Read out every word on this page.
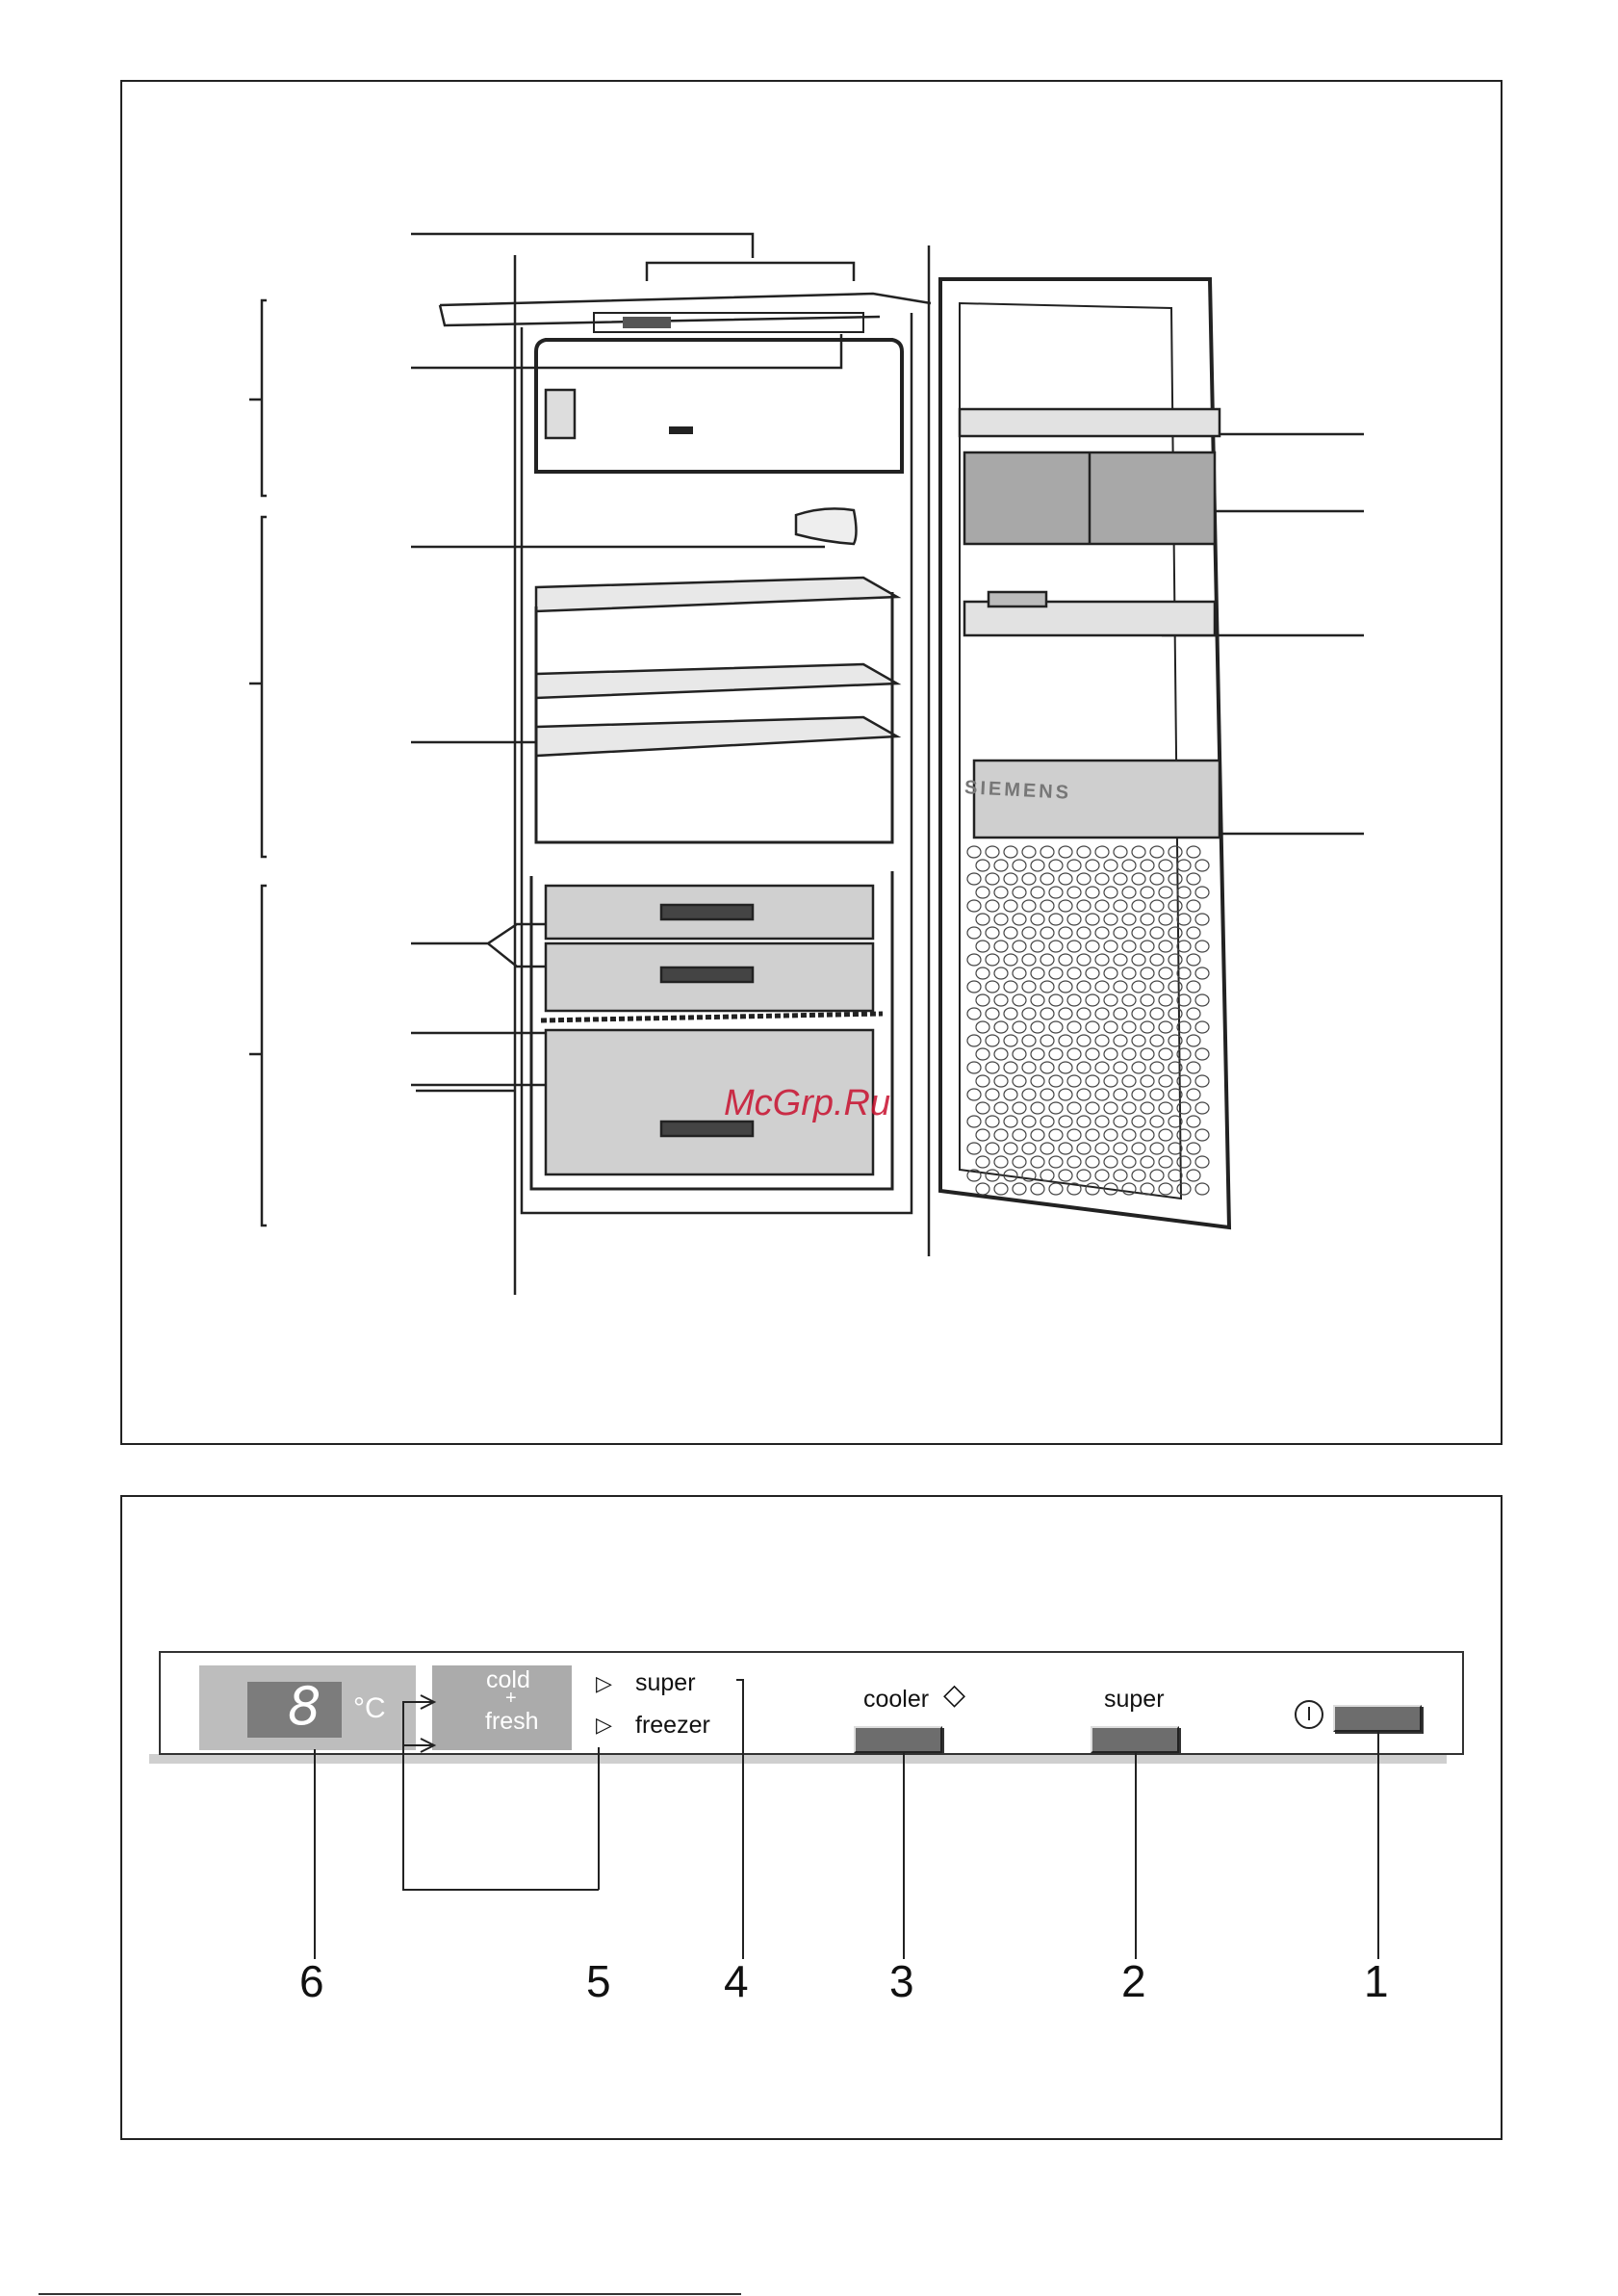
SIEMENS
McGrp.Ru
8 °C
cold
+
fresh
▷ super
▷ freezer
cooler ◇	super
I
6	5	4	3	2	1
